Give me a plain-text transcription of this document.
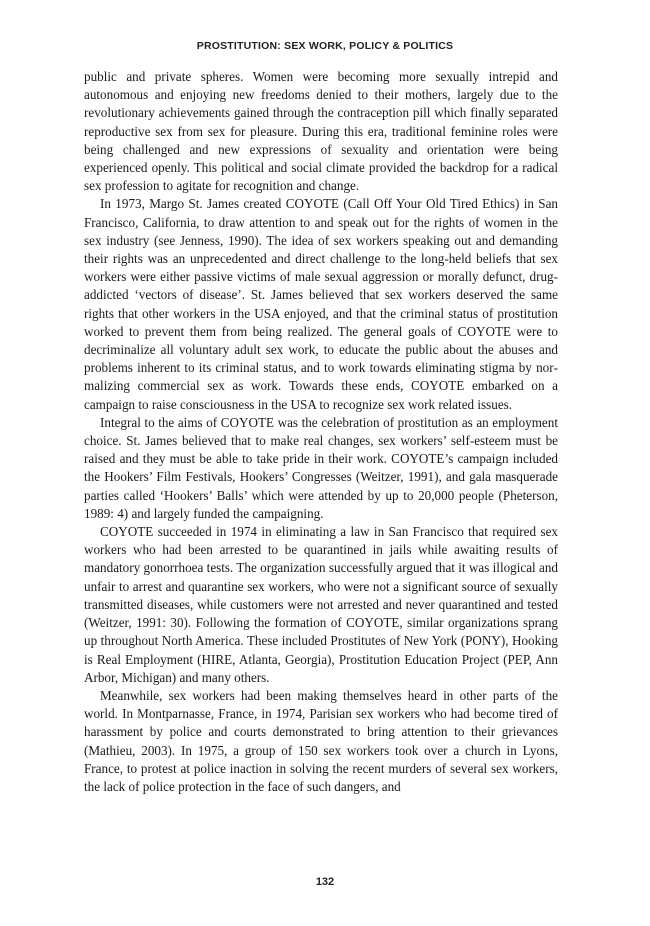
PROSTITUTION: SEX WORK, POLICY & POLITICS

public and private spheres. Women were becoming more sexually intrepid and autonomous and enjoying new freedoms denied to their mothers, largely due to the revolutionary achievements gained through the contraception pill which finally separated reproductive sex from sex for pleasure. During this era, traditional feminine roles were being challenged and new expressions of sexuality and orientation were being experienced openly. This political and social climate provided the backdrop for a radical sex profession to agitate for recognition and change.

In 1973, Margo St. James created COYOTE (Call Off Your Old Tired Ethics) in San Francisco, California, to draw attention to and speak out for the rights of women in the sex industry (see Jenness, 1990). The idea of sex workers speaking out and demanding their rights was an unprecedented and direct challenge to the long-held beliefs that sex workers were either passive victims of male sexual aggression or morally defunct, drug-addicted ‘vectors of disease’. St. James believed that sex workers deserved the same rights that other workers in the USA enjoyed, and that the criminal status of prostitution worked to prevent them from being realized. The general goals of COYOTE were to decriminalize all voluntary adult sex work, to educate the public about the abuses and problems inherent to its criminal status, and to work towards eliminating stigma by normalizing commercial sex as work. Towards these ends, COYOTE embarked on a campaign to raise consciousness in the USA to recognize sex work related issues.

Integral to the aims of COYOTE was the celebration of prostitution as an employment choice. St. James believed that to make real changes, sex workers’ self-esteem must be raised and they must be able to take pride in their work. COYOTE’s campaign included the Hookers’ Film Festivals, Hookers’ Congresses (Weitzer, 1991), and gala masquerade parties called ‘Hookers’ Balls’ which were attended by up to 20,000 people (Pheterson, 1989: 4) and largely funded the campaigning.

COYOTE succeeded in 1974 in eliminating a law in San Francisco that required sex workers who had been arrested to be quarantined in jails while awaiting results of mandatory gonorrhoea tests. The organization successfully argued that it was illogical and unfair to arrest and quarantine sex workers, who were not a significant source of sexually transmitted diseases, while customers were not arrested and never quarantined and tested (Weitzer, 1991: 30). Following the formation of COYOTE, similar organizations sprang up throughout North America. These included Prostitutes of New York (PONY), Hooking is Real Employment (HIRE, Atlanta, Georgia), Prostitution Education Project (PEP, Ann Arbor, Michigan) and many others.

Meanwhile, sex workers had been making themselves heard in other parts of the world. In Montparnasse, France, in 1974, Parisian sex workers who had become tired of harassment by police and courts demonstrated to bring attention to their grievances (Mathieu, 2003). In 1975, a group of 150 sex workers took over a church in Lyons, France, to protest at police inaction in solving the recent murders of several sex workers, the lack of police protection in the face of such dangers, and

132
